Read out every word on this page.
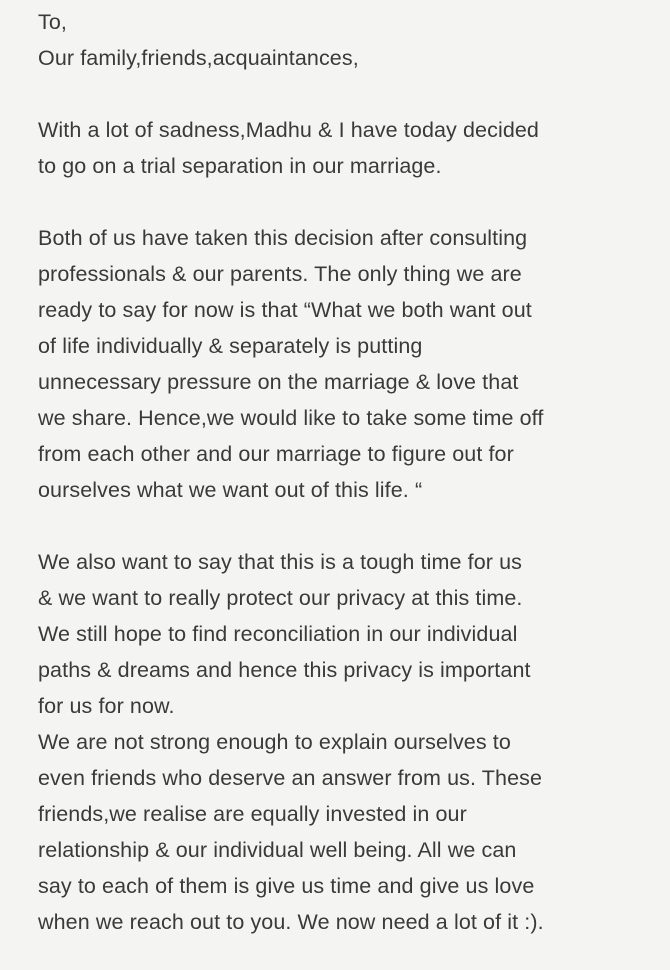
To,
Our family,friends,acquaintances,
With a lot of sadness,Madhu & I have today decided
to go on a trial separation in our marriage.
Both of us have taken this decision after consulting
professionals & our parents. The only thing we are
ready to say for now is that “What we both want out
of life individually & separately is putting
unnecessary pressure on the marriage & love that
we share. Hence,we would like to take some time off
from each other and our marriage to figure out for
ourselves what we want out of this life. “
We also want to say that this is a tough time for us
& we want to really protect our privacy at this time.
We still hope to find reconciliation in our individual
paths & dreams and hence this privacy is important
for us for now.
We are not strong enough to explain ourselves to
even friends who deserve an answer from us. These
friends,we realise are equally invested in our
relationship & our individual well being. All we can
say to each of them is give us time and give us love
when we reach out to you. We now need a lot of it :).
